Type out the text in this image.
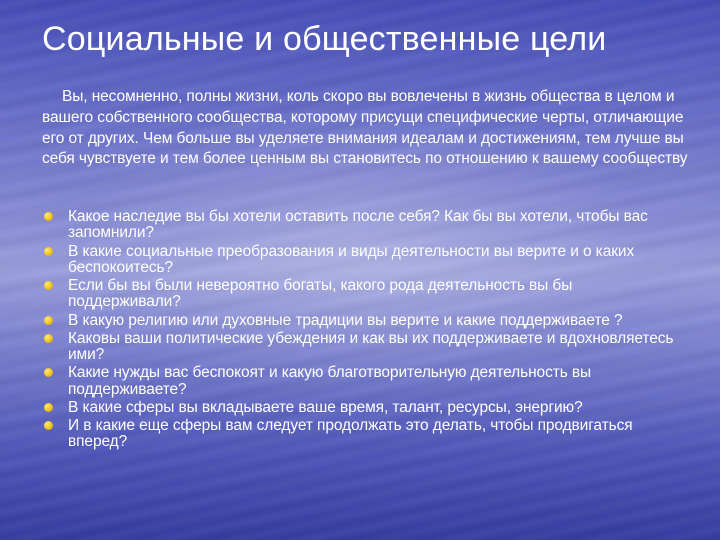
Социальные и общественные цели
Вы, несомненно, полны жизни, коль скоро вы вовлечены в жизнь общества в целом и вашего собственного сообщества, которому присущи специфические черты, отличающие его от других. Чем больше вы уделяете внимания идеалам и достижениям, тем лучше вы себя чувствуете и тем более ценным вы становитесь по отношению к вашему сообществу
Какое наследие вы бы хотели оставить после себя? Как бы вы хотели, чтобы вас запомнили?
В какие социальные преобразования и виды деятельности вы верите и о каких беспокоитесь?
Если бы вы были невероятно богаты, какого рода деятельность вы бы поддерживали?
В какую религию или духовные традиции вы верите и какие поддерживаете ?
Каковы ваши политические убеждения и как вы их поддерживаете и вдохновляетесь ими?
Какие нужды вас беспокоят и какую благотворительную деятельность вы поддерживаете?
В какие сферы вы вкладываете ваше время, талант, ресурсы, энергию?
И в какие еще сферы вам следует продолжать это делать, чтобы продвигаться вперед?
